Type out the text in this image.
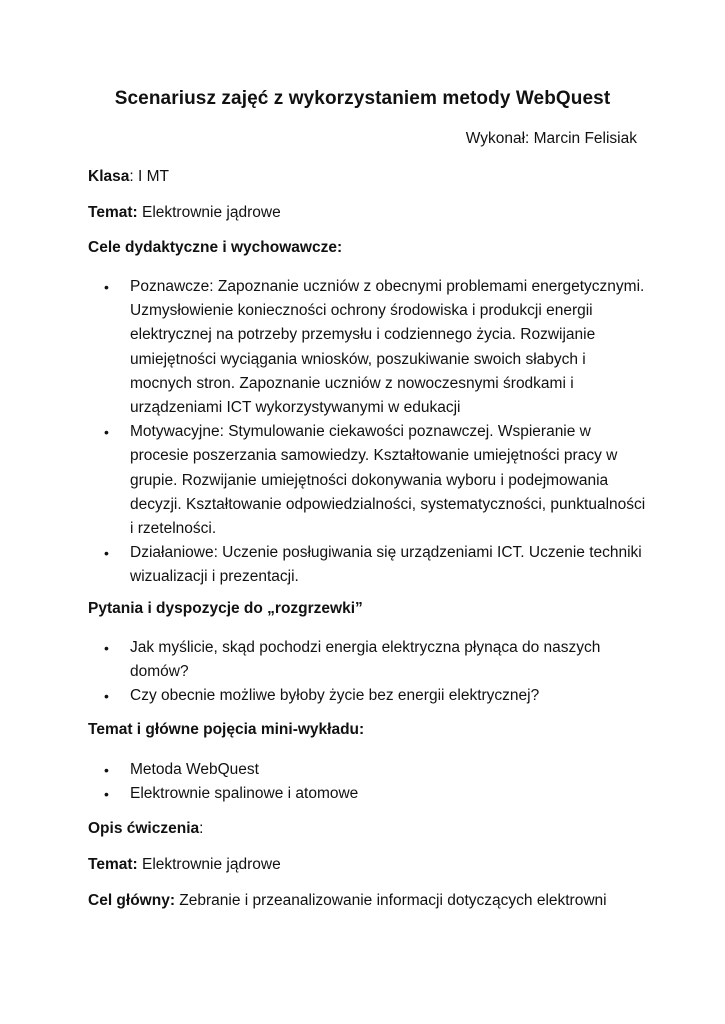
Scenariusz zajęć z wykorzystaniem metody WebQuest
Wykonał: Marcin Felisiak
Klasa: I MT
Temat: Elektrownie jądrowe
Cele dydaktyczne i wychowawcze:
• Poznawcze: Zapoznanie uczniów z obecnymi problemami energetycznymi. Uzmysłowienie konieczności ochrony środowiska i produkcji energii elektrycznej na potrzeby przemysłu i codziennego życia. Rozwijanie umiejętności wyciągania wniosków, poszukiwanie swoich słabych i mocnych stron. Zapoznanie uczniów z nowoczesnymi środkami i urządzeniami ICT wykorzystywanymi w edukacji
• Motywacyjne: Stymulowanie ciekawości poznawczej. Wspieranie w procesie poszerzania samowiedzy. Kształtowanie umiejętności pracy w grupie. Rozwijanie umiejętności dokonywania wyboru i podejmowania decyzji. Kształtowanie odpowiedzialności, systematyczności, punktualności i rzetelności.
• Działaniowe: Uczenie posługiwania się urządzeniami ICT. Uczenie techniki wizualizacji i prezentacji.
Pytania i dyspozycje do „rozgrzewki”
• Jak myślicie, skąd pochodzi energia elektryczna płynąca do naszych domów?
• Czy obecnie możliwe byłoby życie bez energii elektrycznej?
Temat i główne pojęcia mini-wykładu:
• Metoda WebQuest
• Elektrownie spalinowe i atomowe
Opis ćwiczenia:
Temat: Elektrownie jądrowe
Cel główny: Zebranie i przeanalizowanie informacji dotyczących elektrowni
